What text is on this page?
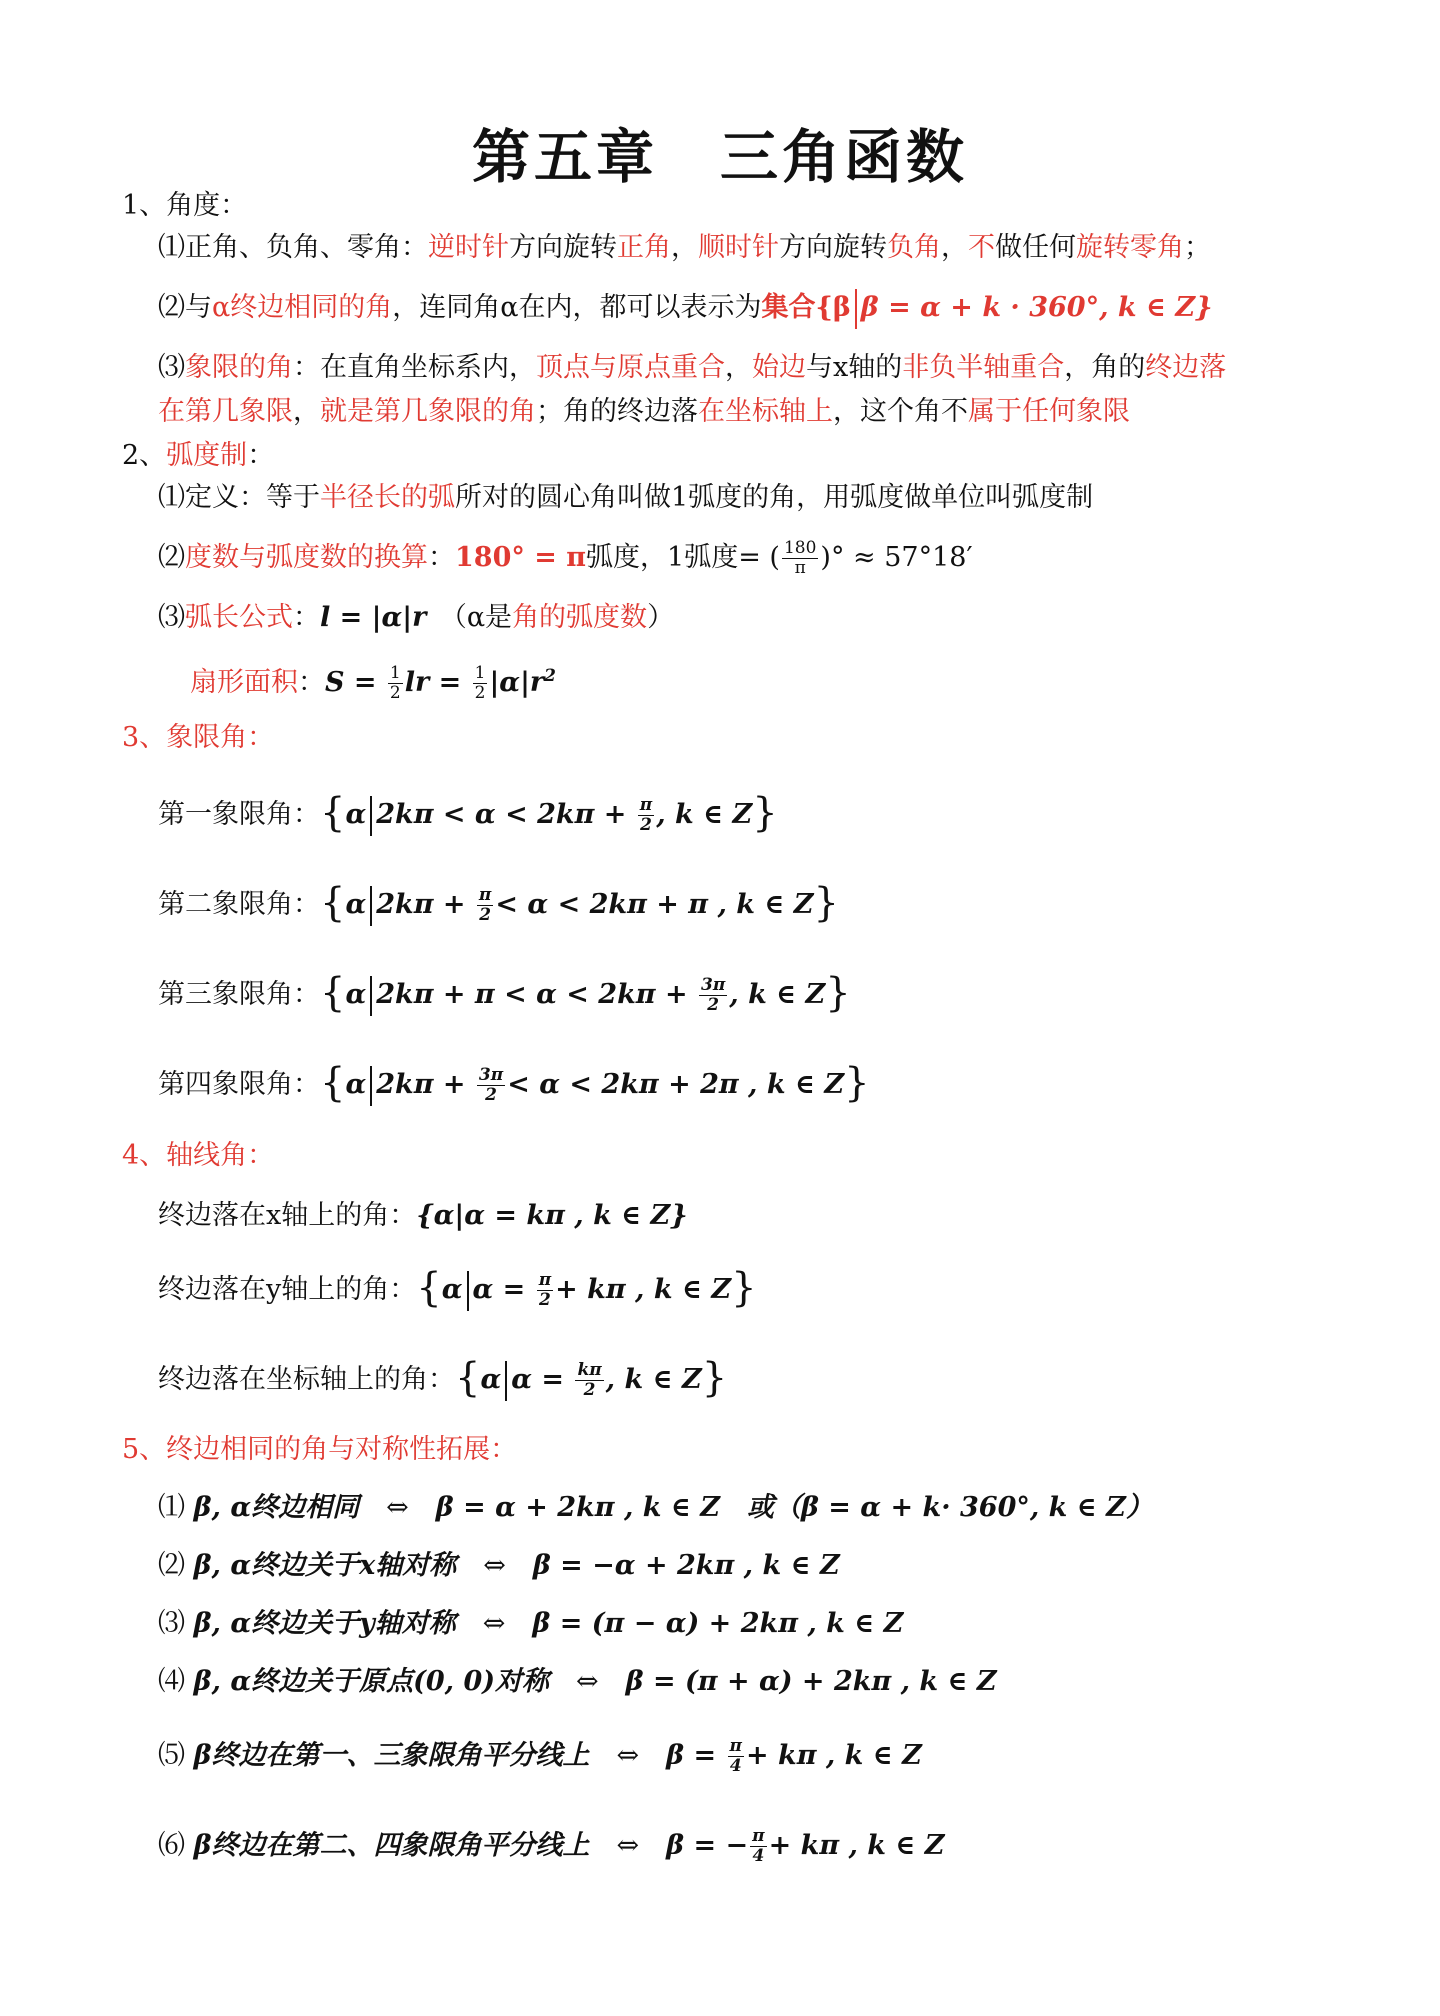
第五章　三角函数
1、角度：
⑴正角、负角、零角：逆时针方向旋转正角，顺时针方向旋转负角，不做任何旋转零角；
⑵与α终边相同的角，连同角α在内，都可以表示为集合{β β = α + k · 360°, k ∈ Z}
⑶象限的角：在直角坐标系内，顶点与原点重合，始边与x轴的非负半轴重合，角的终边落
在第几象限，就是第几象限的角；角的终边落在坐标轴上，这个角不属于任何象限
2、弧度制：
⑴定义：等于半径长的弧所对的圆心角叫做1弧度的角，用弧度做单位叫弧度制
⑵度数与弧度数的换算：180° = π弧度，1弧度= ( $\frac{180}{\pi}$ )° ≈ 57°18′
⑶弧长公式：l = |α|r　 （α是角的弧度数）
扇形面积：$S = \frac{1}{2}$ lr = $\frac{1}{2} |\alpha|r^2$
3、象限角：
第一象限角：{α $2k\pi < \alpha < 2k\pi + \frac{\pi}{2}$ , k ∈ Z}
第二象限角：{α $2k\pi + \frac{\pi}{2} < \alpha < 2k\pi + \pi$ , k ∈ Z}
第三象限角：{α $2k\pi + \pi < \alpha < 2k\pi + \frac{3\pi}{2}$ , k ∈ Z}
第四象限角：{α $2k\pi + \frac{3\pi}{2} < \alpha < 2k\pi + 2\pi$ , k ∈ Z}
4、轴线角：
终边落在x轴上的角：{α|α = kπ , k ∈ Z}
终边落在y轴上的角：{α $\alpha = \frac{\pi}{2} + k\pi$ , k ∈ Z}
终边落在坐标轴上的角：{α $\alpha = \frac{k\pi}{2}$ , k ∈ Z}
5、终边相同的角与对称性拓展：
⑴ β, α终边相同　 ⇔　 β = α + 2kπ , k ∈ Z　 或（β = α + k· 360°, k ∈ Z）
⑵ β, α终边关于x轴对称　 ⇔　 β = −α + 2kπ , k ∈ Z
⑶ β, α终边关于y轴对称　 ⇔　 β = (π − α) + 2kπ , k ∈ Z
⑷ β, α终边关于原点(0, 0)对称　 ⇔　 β = (π + α) + 2kπ , k ∈ Z
⑸ β终边在第一、三象限角平分线上　 ⇔　 $\beta = \frac{\pi}{4} + k\pi$ , k ∈ Z
⑹ β终边在第二、四象限角平分线上　 ⇔　 β = − $\frac{\pi}{4} + k\pi$ , k ∈ Z
